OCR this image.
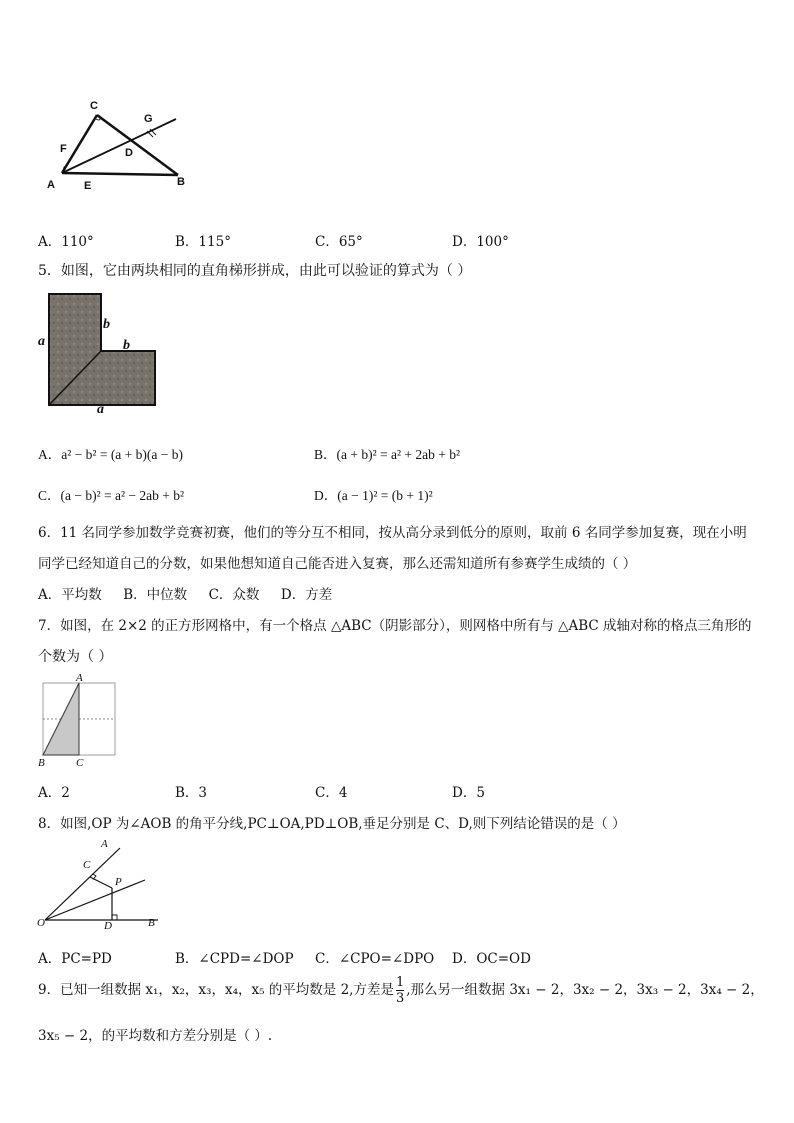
C
G
F	D
A	E	B
A．110°	B．115°	C．65°	D．100°
5．如图，它由两块相同的直角梯形拼成，由此可以验证的算式为（ ）
a
b
b
a
A．a² − b² = (a + b)(a − b)	B．(a + b)² = a² + 2ab + b²
C．(a − b)² = a² − 2ab + b²	D．(a − 1)² = (b + 1)²
6．11 名同学参加数学竞赛初赛，他们的等分互不相同，按从高分录到低分的原则，取前 6 名同学参加复赛，现在小明
同学已经知道自己的分数，如果他想知道自己能否进入复赛，那么还需知道所有参赛学生成绩的（ ）
A．平均数     B．中位数     C．众数     D．方差
7．如图，在 2×2 的正方形网格中，有一个格点 △ABC（阴影部分），则网格中所有与 △ABC 成轴对称的格点三角形的
个数为（ ）
A
B	C
A．2	B．3	C．4	D．5
8．如图,OP 为∠AOB 的角平分线,PC⊥OA,PD⊥OB,垂足分别是 C、D,则下列结论错误的是（ ）
A
C
P
O	D	B
A．PC=PD	B．∠CPD=∠DOP C．∠CPO=∠DPO D．OC=OD
9．已知一组数据 x₁，x₂，x₃，x₄，x₅ 的平均数是 2,方差是 $\frac{1}{3}$ ,那么另一组数据 3x₁ − 2，3x₂ − 2，3x₃ − 2，3x₄ − 2，
3x₅ − 2，的平均数和方差分别是（ ）.
